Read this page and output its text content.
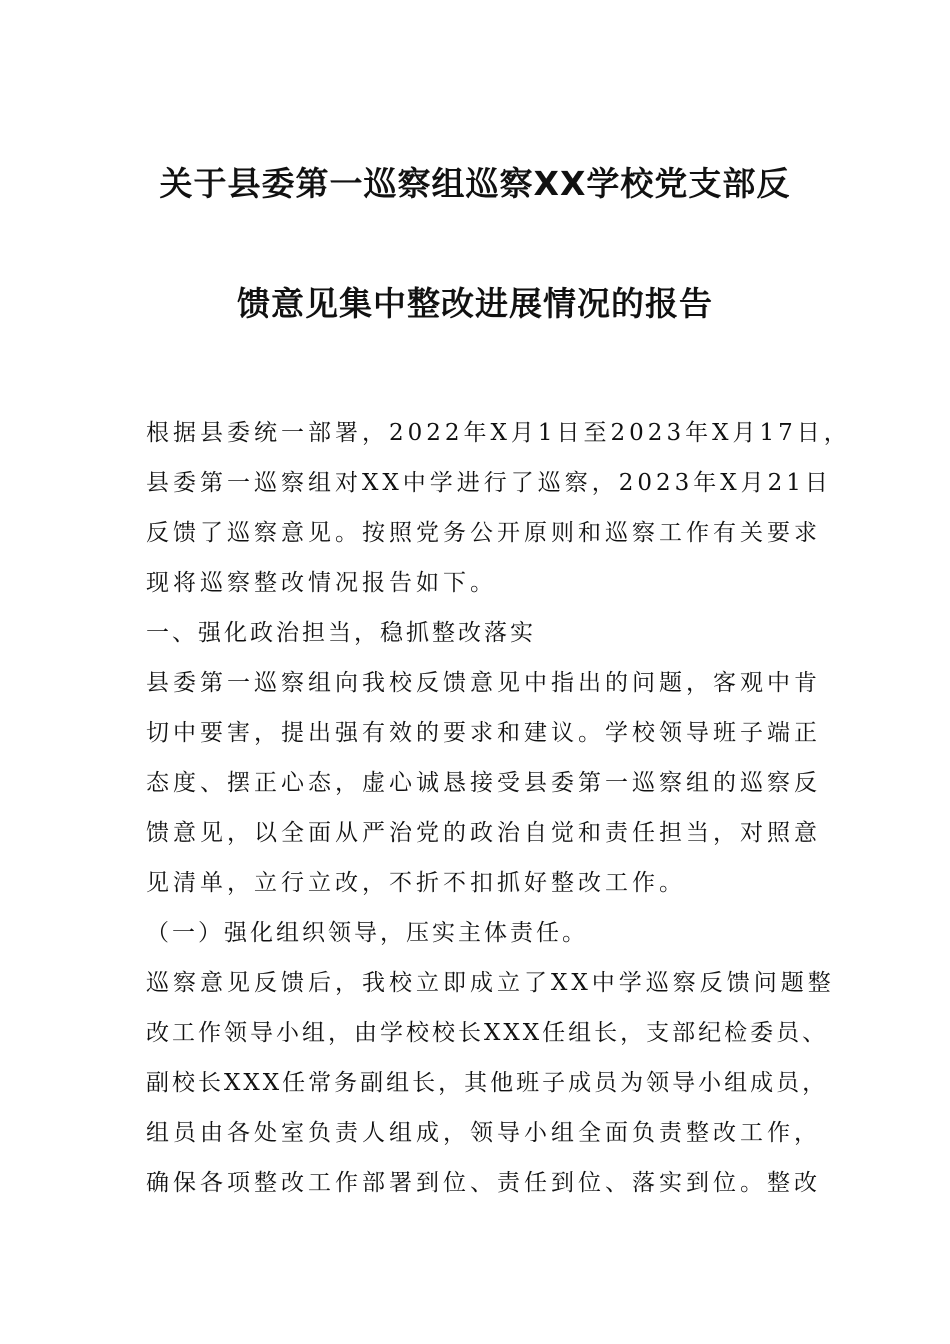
关于县委第一巡察组巡察XX学校党支部反
馈意见集中整改进展情况的报告
根据县委统一部署，2022年X月1日至2023年X月17日，
县委第一巡察组对XX中学进行了巡察，2023年X月21日
反馈了巡察意见。按照党务公开原则和巡察工作有关要求
现将巡察整改情况报告如下。
一、强化政治担当，稳抓整改落实
县委第一巡察组向我校反馈意见中指出的问题，客观中肯
切中要害，提出强有效的要求和建议。学校领导班子端正
态度、摆正心态，虚心诚恳接受县委第一巡察组的巡察反
馈意见，以全面从严治党的政治自觉和责任担当，对照意
见清单，立行立改，不折不扣抓好整改工作。
（一）强化组织领导，压实主体责任。
巡察意见反馈后，我校立即成立了XX中学巡察反馈问题整
改工作领导小组，由学校校长XXX任组长，支部纪检委员、
副校长XXX任常务副组长，其他班子成员为领导小组成员，
组员由各处室负责人组成，领导小组全面负责整改工作，
确保各项整改工作部署到位、责任到位、落实到位。整改
